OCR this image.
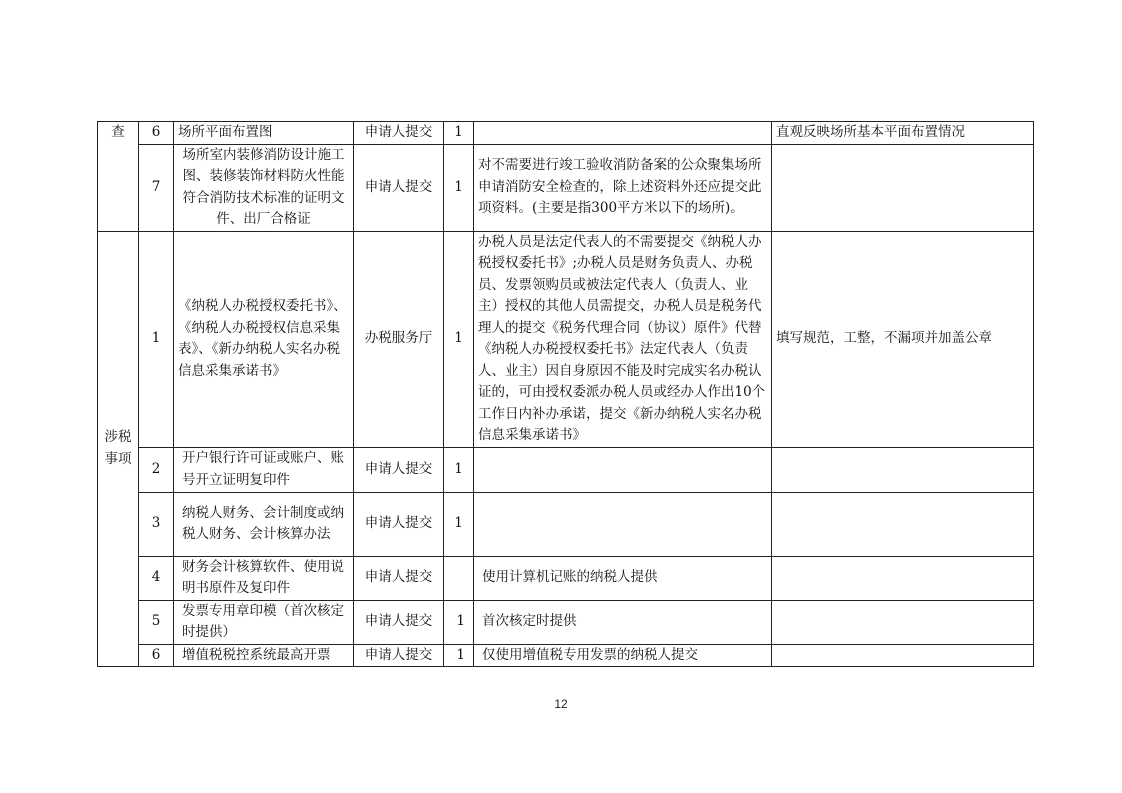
查	6	场所平面布置图	申请人提交	1		直观反映场所基本平面布置情况
	7	场所室内装修消防设计施工图、装修装饰材料防火性能符合消防技术标准的证明文件、出厂合格证	申请人提交	1	对不需要进行竣工验收消防备案的公众聚集场所申请消防安全检查的，除上述资料外还应提交此项资料。(主要是指300平方米以下的场所)。	
涉税事项	1	《纳税人办税授权委托书》、《纳税人办税授权信息采集表》、《新办纳税人实名办税信息采集承诺书》	办税服务厅	1	办税人员是法定代表人的不需要提交《纳税人办税授权委托书》;办税人员是财务负责人、办税员、发票领购员或被法定代表人（负责人、业主）授权的其他人员需提交，办税人员是税务代理人的提交《税务代理合同（协议）原件》代替《纳税人办税授权委托书》法定代表人（负责人、业主）因自身原因不能及时完成实名办税认证的，可由授权委派办税人员或经办人作出10个工作日内补办承诺，提交《新办纳税人实名办税信息采集承诺书》	填写规范，工整，不漏项并加盖公章
	2	开户银行许可证或账户、账号开立证明复印件	申请人提交	1		
	3	纳税人财务、会计制度或纳税人财务、会计核算办法	申请人提交	1		
	4	财务会计核算软件、使用说明书原件及复印件	申请人提交		使用计算机记账的纳税人提供	
	5	发票专用章印模（首次核定时提供）	申请人提交	1	首次核定时提供	
	6	增值税税控系统最高开票	申请人提交	1	仅使用增值税专用发票的纳税人提交	
12
